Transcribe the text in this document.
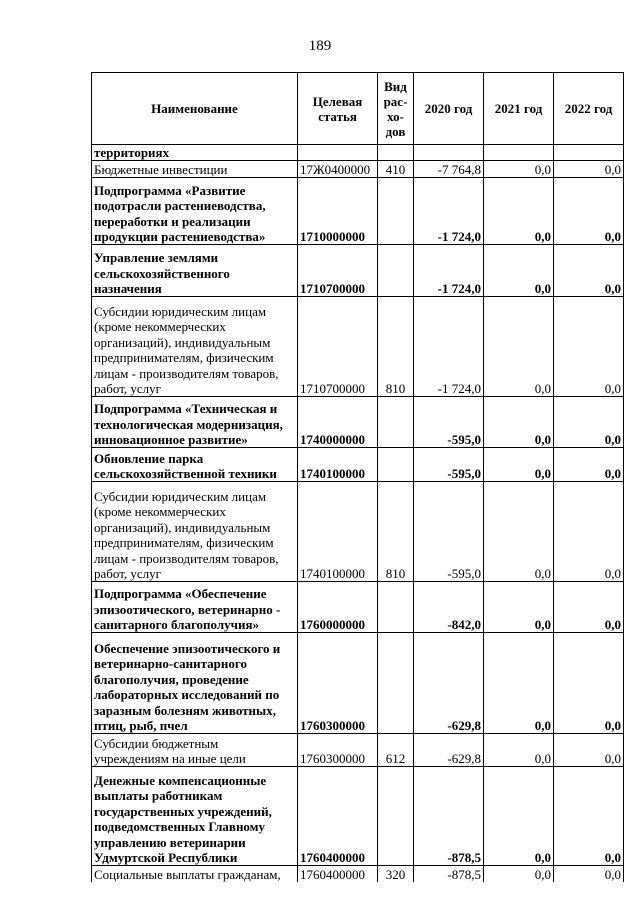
189
Наименование	Целевая статья	Вид рас- хо- дов	2020 год	2021 год	2022 год
территориях					
Бюджетные инвестиции	17Ж0400000	410	-7 764,8	0,0	0,0
Подпрограмма «Развитие подотрасли растениеводства, переработки и реализации продукции растениеводства»	1710000000		-1 724,0	0,0	0,0
Управление землями сельскохозяйственного назначения	1710700000		-1 724,0	0,0	0,0
Субсидии юридическим лицам (кроме некоммерческих организаций), индивидуальным предпринимателям, физическим лицам - производителям товаров, работ, услуг	1710700000	810	-1 724,0	0,0	0,0
Подпрограмма «Техническая и технологическая модернизация, инновационное развитие»	1740000000		-595,0	0,0	0,0
Обновление парка сельскохозяйственной техники	1740100000		-595,0	0,0	0,0
Субсидии юридическим лицам (кроме некоммерческих организаций), индивидуальным предпринимателям, физическим лицам - производителям товаров, работ, услуг	1740100000	810	-595,0	0,0	0,0
Подпрограмма «Обеспечение эпизоотического, ветеринарно - санитарного благополучия»	1760000000		-842,0	0,0	0,0
Обеспечение эпизоотического и ветеринарно-санитарного благополучия, проведение лабораторных исследований по заразным болезням животных, птиц, рыб, пчел	1760300000		-629,8	0,0	0,0
Субсидии бюджетным учреждениям на иные цели	1760300000	612	-629,8	0,0	0,0
Денежные компенсационные выплаты работникам государственных учреждений, подведомственных Главному управлению ветеринарии Удмуртской Республики	1760400000		-878,5	0,0	0,0
Социальные выплаты гражданам,	1760400000	320	-878,5	0,0	0,0
